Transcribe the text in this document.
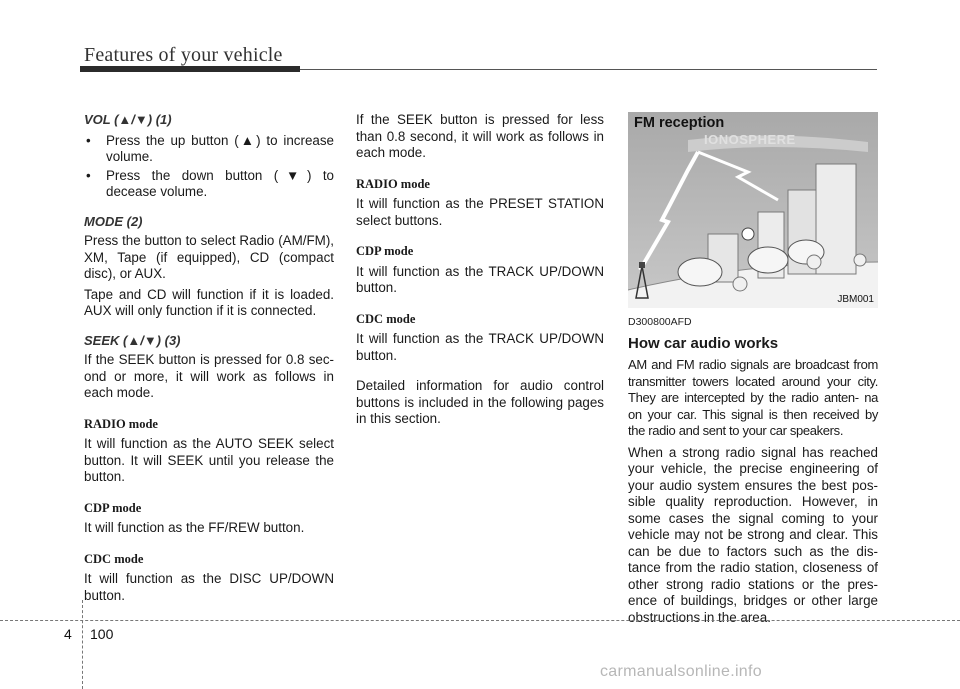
Features of your vehicle

VOL (▲/▼) (1)

• Press the up button (▲) to increase volume.

• Press the down button (▼) to decease volume.

MODE (2)

Press the button to select Radio (AM/FM), XM, Tape (if equipped), CD (compact disc), or AUX.

Tape and CD will function if it is loaded. AUX will only function if it is connected.

SEEK (▲/▼) (3)

If the SEEK button is pressed for 0.8 sec- ond or more, it will work as follows in each mode.

RADIO mode

It will function as the AUTO SEEK select button. It will SEEK until you release the button.

CDP mode

It will function as the FF/REW button.

CDC mode

It will function as the DISC UP/DOWN button.

If the SEEK button is pressed for less than 0.8 second, it will work as follows in each mode.

RADIO mode

It will function as the PRESET STATION select buttons.

CDP mode

It will function as the TRACK UP/DOWN button.

CDC mode

It will function as the TRACK UP/DOWN button.

Detailed information for audio control buttons is included in the following pages in this section.

FM reception
IONOSPHERE
JBM001

D300800AFD

How car audio works

AM and FM radio signals are broadcast from transmitter towers located around your city. They are intercepted by the radio anten- na on your car. This signal is then received by the radio and sent to your car speakers.

When a strong radio signal has reached your vehicle, the precise engineering of your audio system ensures the best pos- sible quality reproduction. However, in some cases the signal coming to your vehicle may not be strong and clear. This can be due to factors such as the dis- tance from the radio station, closeness of other strong radio stations or the pres- ence of buildings, bridges or other large obstructions in the area.

4 100
carmanualsonline.info
